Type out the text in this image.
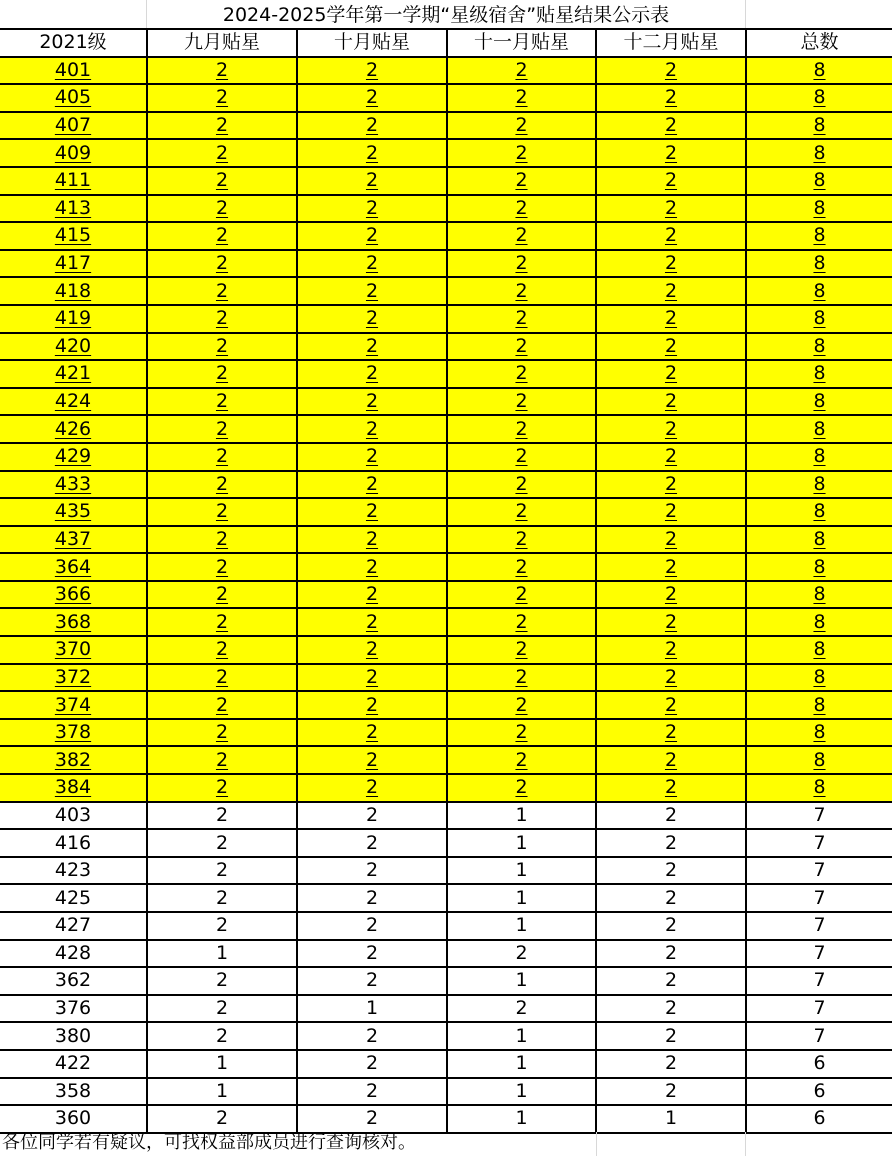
2024-2025学年第一学期“星级宿舍”贴星结果公示表
2021级	九月贴星	十月贴星	十一月贴星	十二月贴星	总数
401	2	2	2	2	8
405	2	2	2	2	8
407	2	2	2	2	8
409	2	2	2	2	8
411	2	2	2	2	8
413	2	2	2	2	8
415	2	2	2	2	8
417	2	2	2	2	8
418	2	2	2	2	8
419	2	2	2	2	8
420	2	2	2	2	8
421	2	2	2	2	8
424	2	2	2	2	8
426	2	2	2	2	8
429	2	2	2	2	8
433	2	2	2	2	8
435	2	2	2	2	8
437	2	2	2	2	8
364	2	2	2	2	8
366	2	2	2	2	8
368	2	2	2	2	8
370	2	2	2	2	8
372	2	2	2	2	8
374	2	2	2	2	8
378	2	2	2	2	8
382	2	2	2	2	8
384	2	2	2	2	8
403	2	2	1	2	7
416	2	2	1	2	7
423	2	2	1	2	7
425	2	2	1	2	7
427	2	2	1	2	7
428	1	2	2	2	7
362	2	2	1	2	7
376	2	1	2	2	7
380	2	2	1	2	7
422	1	2	1	2	6
358	1	2	1	2	6
360	2	2	1	1	6
各位同学若有疑议，可找权益部成员进行查询核对。
